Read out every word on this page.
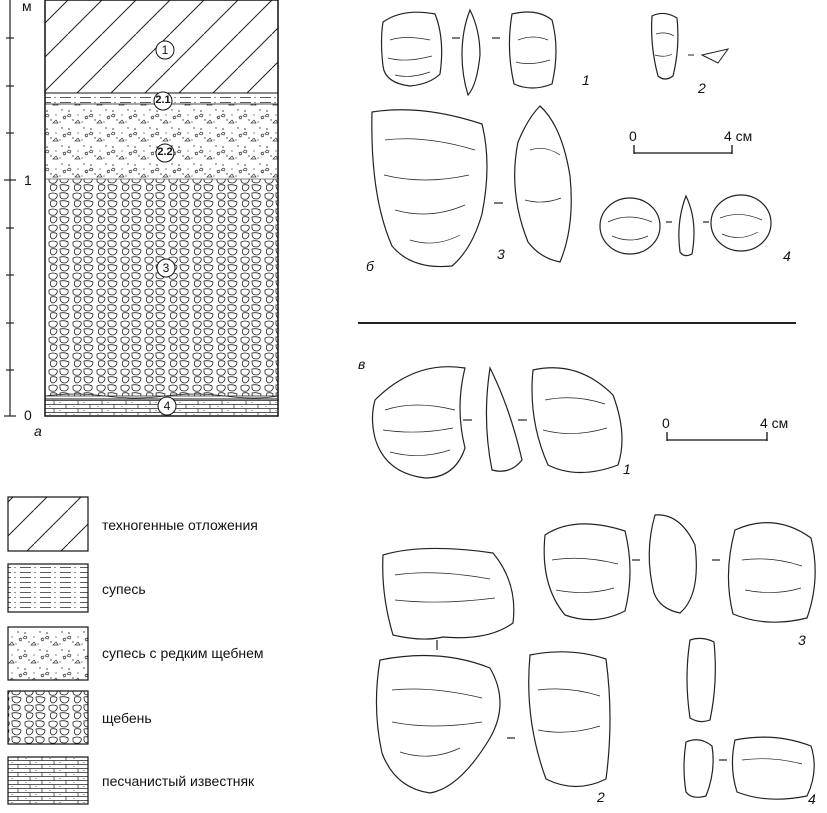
м
1
0
а
1
2.1
2.2
3
4
техногенные отложения
супесь
супесь с редким щебнем
щебень
песчанистый известняк
б
1	2
3	4
0	4 см
в
1
2
3
4
0	4 см
